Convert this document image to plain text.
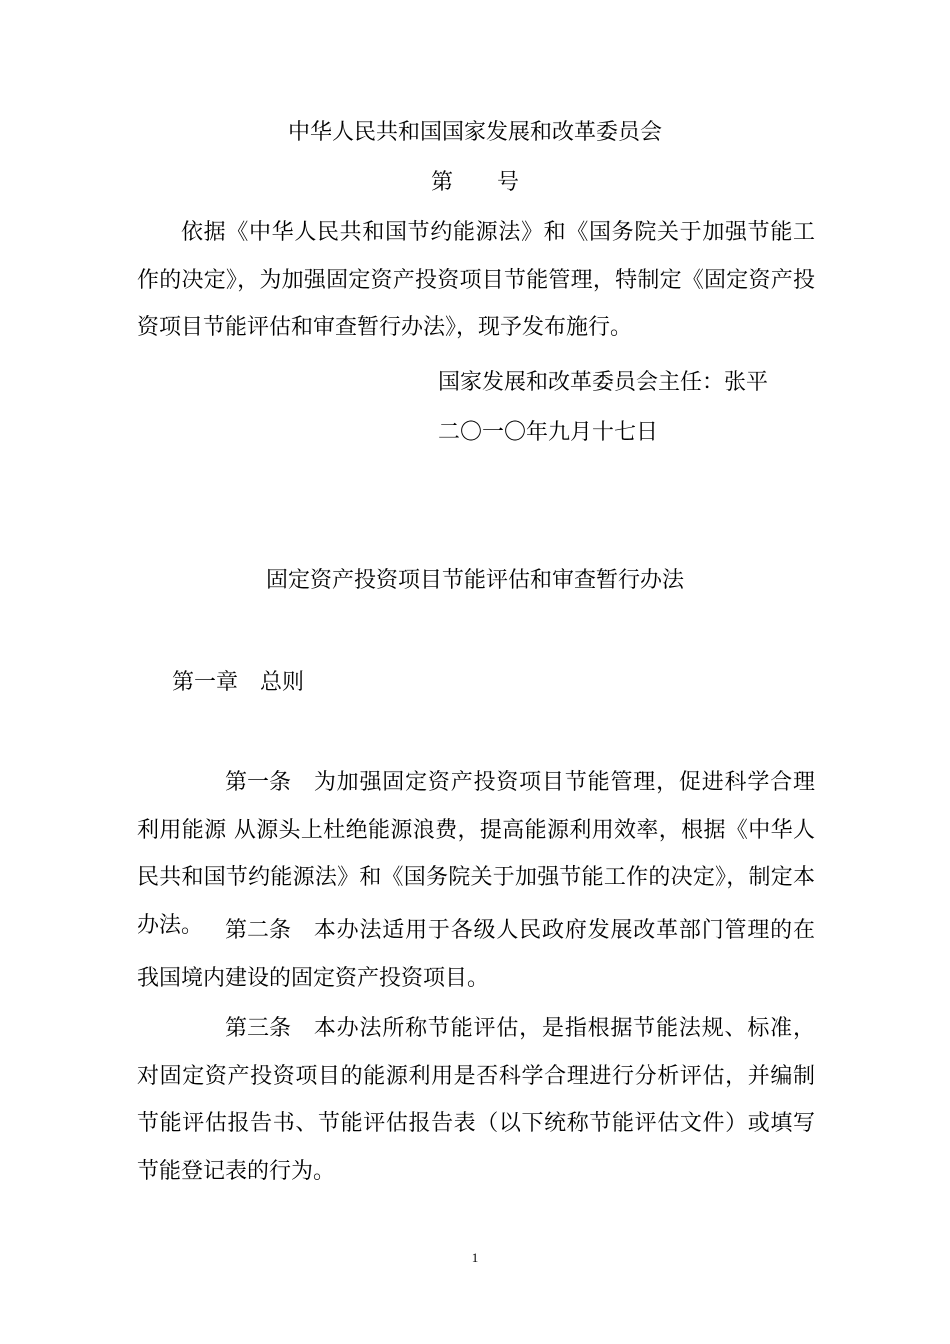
中华人民共和国国家发展和改革委员会
第　　号
依据《中华人民共和国节约能源法》和《国务院关于加强节能工作的决定》，为加强固定资产投资项目节能管理，特制定《固定资产投资项目节能评估和审查暂行办法》，现予发布施行。
国家发展和改革委员会主任：张平
二〇一〇年九月十七日
固定资产投资项目节能评估和审查暂行办法
第一章 总则
第一条 为加强固定资产投资项目节能管理，促进科学合理利用能源 从源头上杜绝能源浪费，提高能源利用效率，根据《中华人民共和国节约能源法》和《国务院关于加强节能工作的决定》，制定本办法。 第二条 本办法适用于各级人民政府发展改革部门管理的在我国境内建设的固定资产投资项目。
第三条 本办法所称节能评估，是指根据节能法规、标准，对固定资产投资项目的能源利用是否科学合理进行分析评估，并编制节能评估报告书、节能评估报告表（以下统称节能评估文件）或填写节能登记表的行为。
1
